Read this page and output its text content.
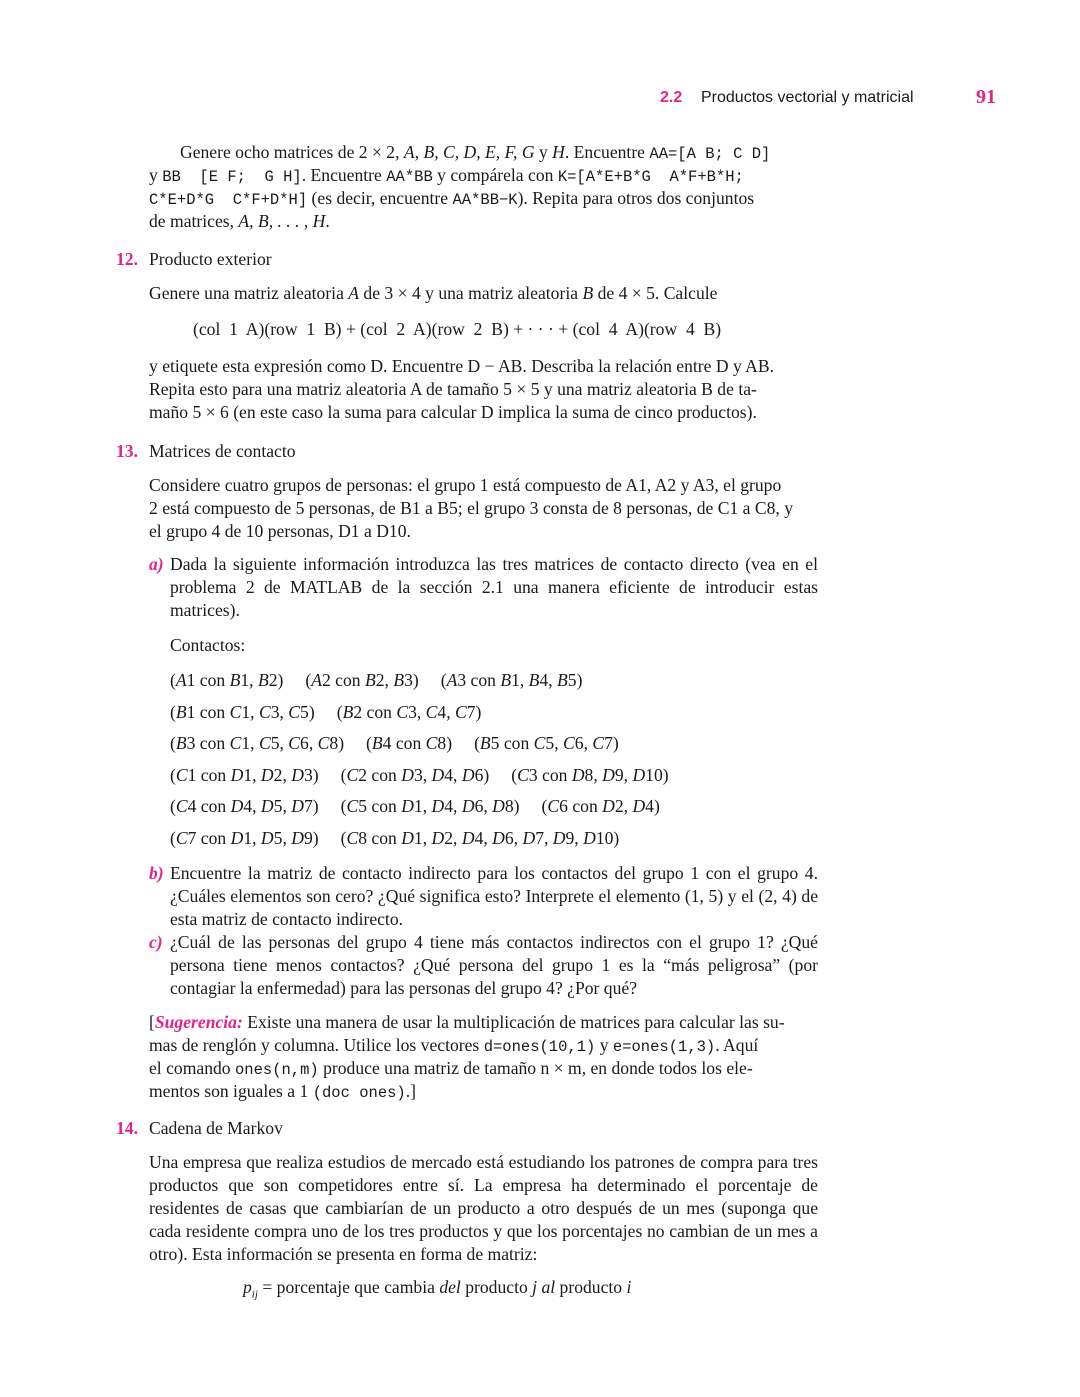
2.2 Productos vectorial y matricial	91
Genere ocho matrices de 2 × 2, A, B, C, D, E, F, G y H. Encuentre AA=[A B; C D]
y BB  [E F;  G H]. Encuentre AA*BB y compárela con K=[A*E+B*G  A*F+B*H;
C*E+D*G  C*F+D*H] (es decir, encuentre AA*BB−K). Repita para otros dos conjuntos
de matrices, A, B, . . . , H.
12. Producto exterior
Genere una matriz aleatoria A de 3 × 4 y una matriz aleatoria B de 4 × 5. Calcule
(col  1  A)(row  1  B) + (col  2  A)(row  2  B) + · · · + (col  4  A)(row  4  B)
y etiquete esta expresión como D. Encuentre D − AB. Describa la relación entre D y AB.
Repita esto para una matriz aleatoria A de tamaño 5 × 5 y una matriz aleatoria B de ta-
maño 5 × 6 (en este caso la suma para calcular D implica la suma de cinco productos).
13. Matrices de contacto
Considere cuatro grupos de personas: el grupo 1 está compuesto de A1, A2 y A3, el grupo
2 está compuesto de 5 personas, de B1 a B5; el grupo 3 consta de 8 personas, de C1 a C8, y
el grupo 4 de 10 personas, D1 a D10.
a) Dada la siguiente información introduzca las tres matrices de contacto directo (vea en el problema 2 de MATLAB de la sección 2.1 una manera eficiente de introducir estas matrices).
Contactos:
(A1 con B1, B2) (A2 con B2, B3) (A3 con B1, B4, B5)
(B1 con C1, C3, C5) (B2 con C3, C4, C7)
(B3 con C1, C5, C6, C8) (B4 con C8) (B5 con C5, C6, C7)
(C1 con D1, D2, D3) (C2 con D3, D4, D6) (C3 con D8, D9, D10)
(C4 con D4, D5, D7) (C5 con D1, D4, D6, D8) (C6 con D2, D4)
(C7 con D1, D5, D9) (C8 con D1, D2, D4, D6, D7, D9, D10)
b) Encuentre la matriz de contacto indirecto para los contactos del grupo 1 con el grupo 4. ¿Cuáles elementos son cero? ¿Qué significa esto? Interprete el elemento (1, 5) y el (2, 4) de esta matriz de contacto indirecto.
c) ¿Cuál de las personas del grupo 4 tiene más contactos indirectos con el grupo 1? ¿Qué persona tiene menos contactos? ¿Qué persona del grupo 1 es la “más peligrosa” (por contagiar la enfermedad) para las personas del grupo 4? ¿Por qué?
[Sugerencia: Existe una manera de usar la multiplicación de matrices para calcular las su-
mas de renglón y columna. Utilice los vectores d=ones(10,1) y e=ones(1,3). Aquí
el comando ones(n,m) produce una matriz de tamaño n × m, en donde todos los ele-
mentos son iguales a 1 (doc ones).]
14. Cadena de Markov
Una empresa que realiza estudios de mercado está estudiando los patrones de compra para tres productos que son competidores entre sí. La empresa ha determinado el porcentaje de residentes de casas que cambiarían de un producto a otro después de un mes (suponga que cada residente compra uno de los tres productos y que los porcentajes no cambian de un mes a otro). Esta información se presenta en forma de matriz:
$p_{ij}$ = porcentaje que cambia del producto j al producto i
